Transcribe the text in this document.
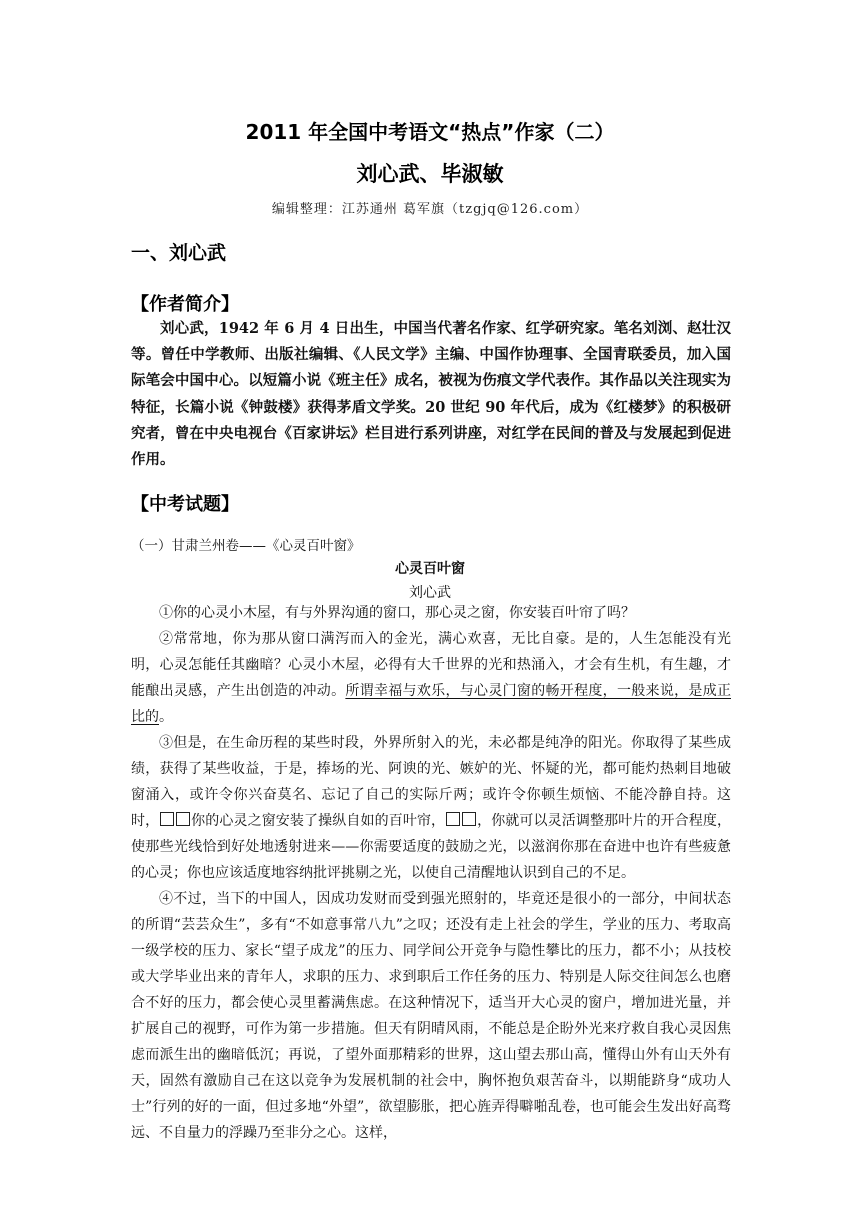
2011 年全国中考语文“热点”作家（二）
刘心武、毕淑敏
编辑整理：江苏通州 葛军旗（tzgjq@126.com）
一、刘心武
【作者简介】
刘心武，1942 年 6 月 4 日出生，中国当代著名作家、红学研究家。笔名刘浏、赵壮汉等。曾任中学教师、出版社编辑、《人民文学》主编、中国作协理事、全国青联委员，加入国际笔会中国中心。以短篇小说《班主任》成名，被视为伤痕文学代表作。其作品以关注现实为特征，长篇小说《钟鼓楼》获得茅盾文学奖。20 世纪 90 年代后，成为《红楼梦》的积极研究者，曾在中央电视台《百家讲坛》栏目进行系列讲座，对红学在民间的普及与发展起到促进作用。
【中考试题】
（一）甘肃兰州卷——《心灵百叶窗》
心灵百叶窗
刘心武

①你的心灵小木屋，有与外界沟通的窗口，那心灵之窗，你安装百叶帘了吗？

②常常地，你为那从窗口满泻而入的金光，满心欢喜，无比自豪。是的，人生怎能没有光明，心灵怎能任其幽暗？心灵小木屋，必得有大千世界的光和热涌入，才会有生机，有生趣，才能酿出灵感，产生出创造的冲动。所谓幸福与欢乐，与心灵门窗的畅开程度，一般来说，是成正比的。

③但是，在生命历程的某些时段，外界所射入的光，未必都是纯净的阳光。你取得了某些成绩，获得了某些收益，于是，捧场的光、阿谀的光、嫉妒的光、怀疑的光，都可能灼热刺目地破窗涌入，或许令你兴奋莫名、忘记了自己的实际斤两；或许令你顿生烦恼、不能冷静自持。这时， 你的心灵之窗安装了操纵自如的百叶帘， ，你就可以灵活调整那叶片的开合程度，使那些光线恰到好处地透射进来——你需要适度的鼓励之光，以滋润你那在奋进中也许有些疲惫的心灵；你也应该适度地容纳批评挑剔之光，以使自己清醒地认识到自己的不足。

④不过，当下的中国人，因成功发财而受到强光照射的，毕竟还是很小的一部分，中间状态的所谓“芸芸众生”，多有“不如意事常八九”之叹；还没有走上社会的学生，学业的压力、考取高一级学校的压力、家长“望子成龙”的压力、同学间公开竞争与隐性攀比的压力，都不小；从技校或大学毕业出来的青年人，求职的压力、求到职后工作任务的压力、特别是人际交往间怎么也磨合不好的压力，都会使心灵里蓄满焦虑。在这种情况下，适当开大心灵的窗户，增加进光量，并扩展自己的视野，可作为第一步措施。但天有阴晴风雨，不能总是企盼外光来疗救自我心灵因焦虑而派生出的幽暗低沉；再说，了望外面那精彩的世界，这山望去那山高，懂得山外有山天外有天，固然有激励自己在这以竞争为发展机制的社会中，胸怀抱负艰苦奋斗，以期能跻身“成功人士”行列的好的一面，但过多地“外望”，欲望膨胀，把心旌弄得噼啪乱卷，也可能会生发出好高骛远、不自量力的浮躁乃至非分之心。这样，
